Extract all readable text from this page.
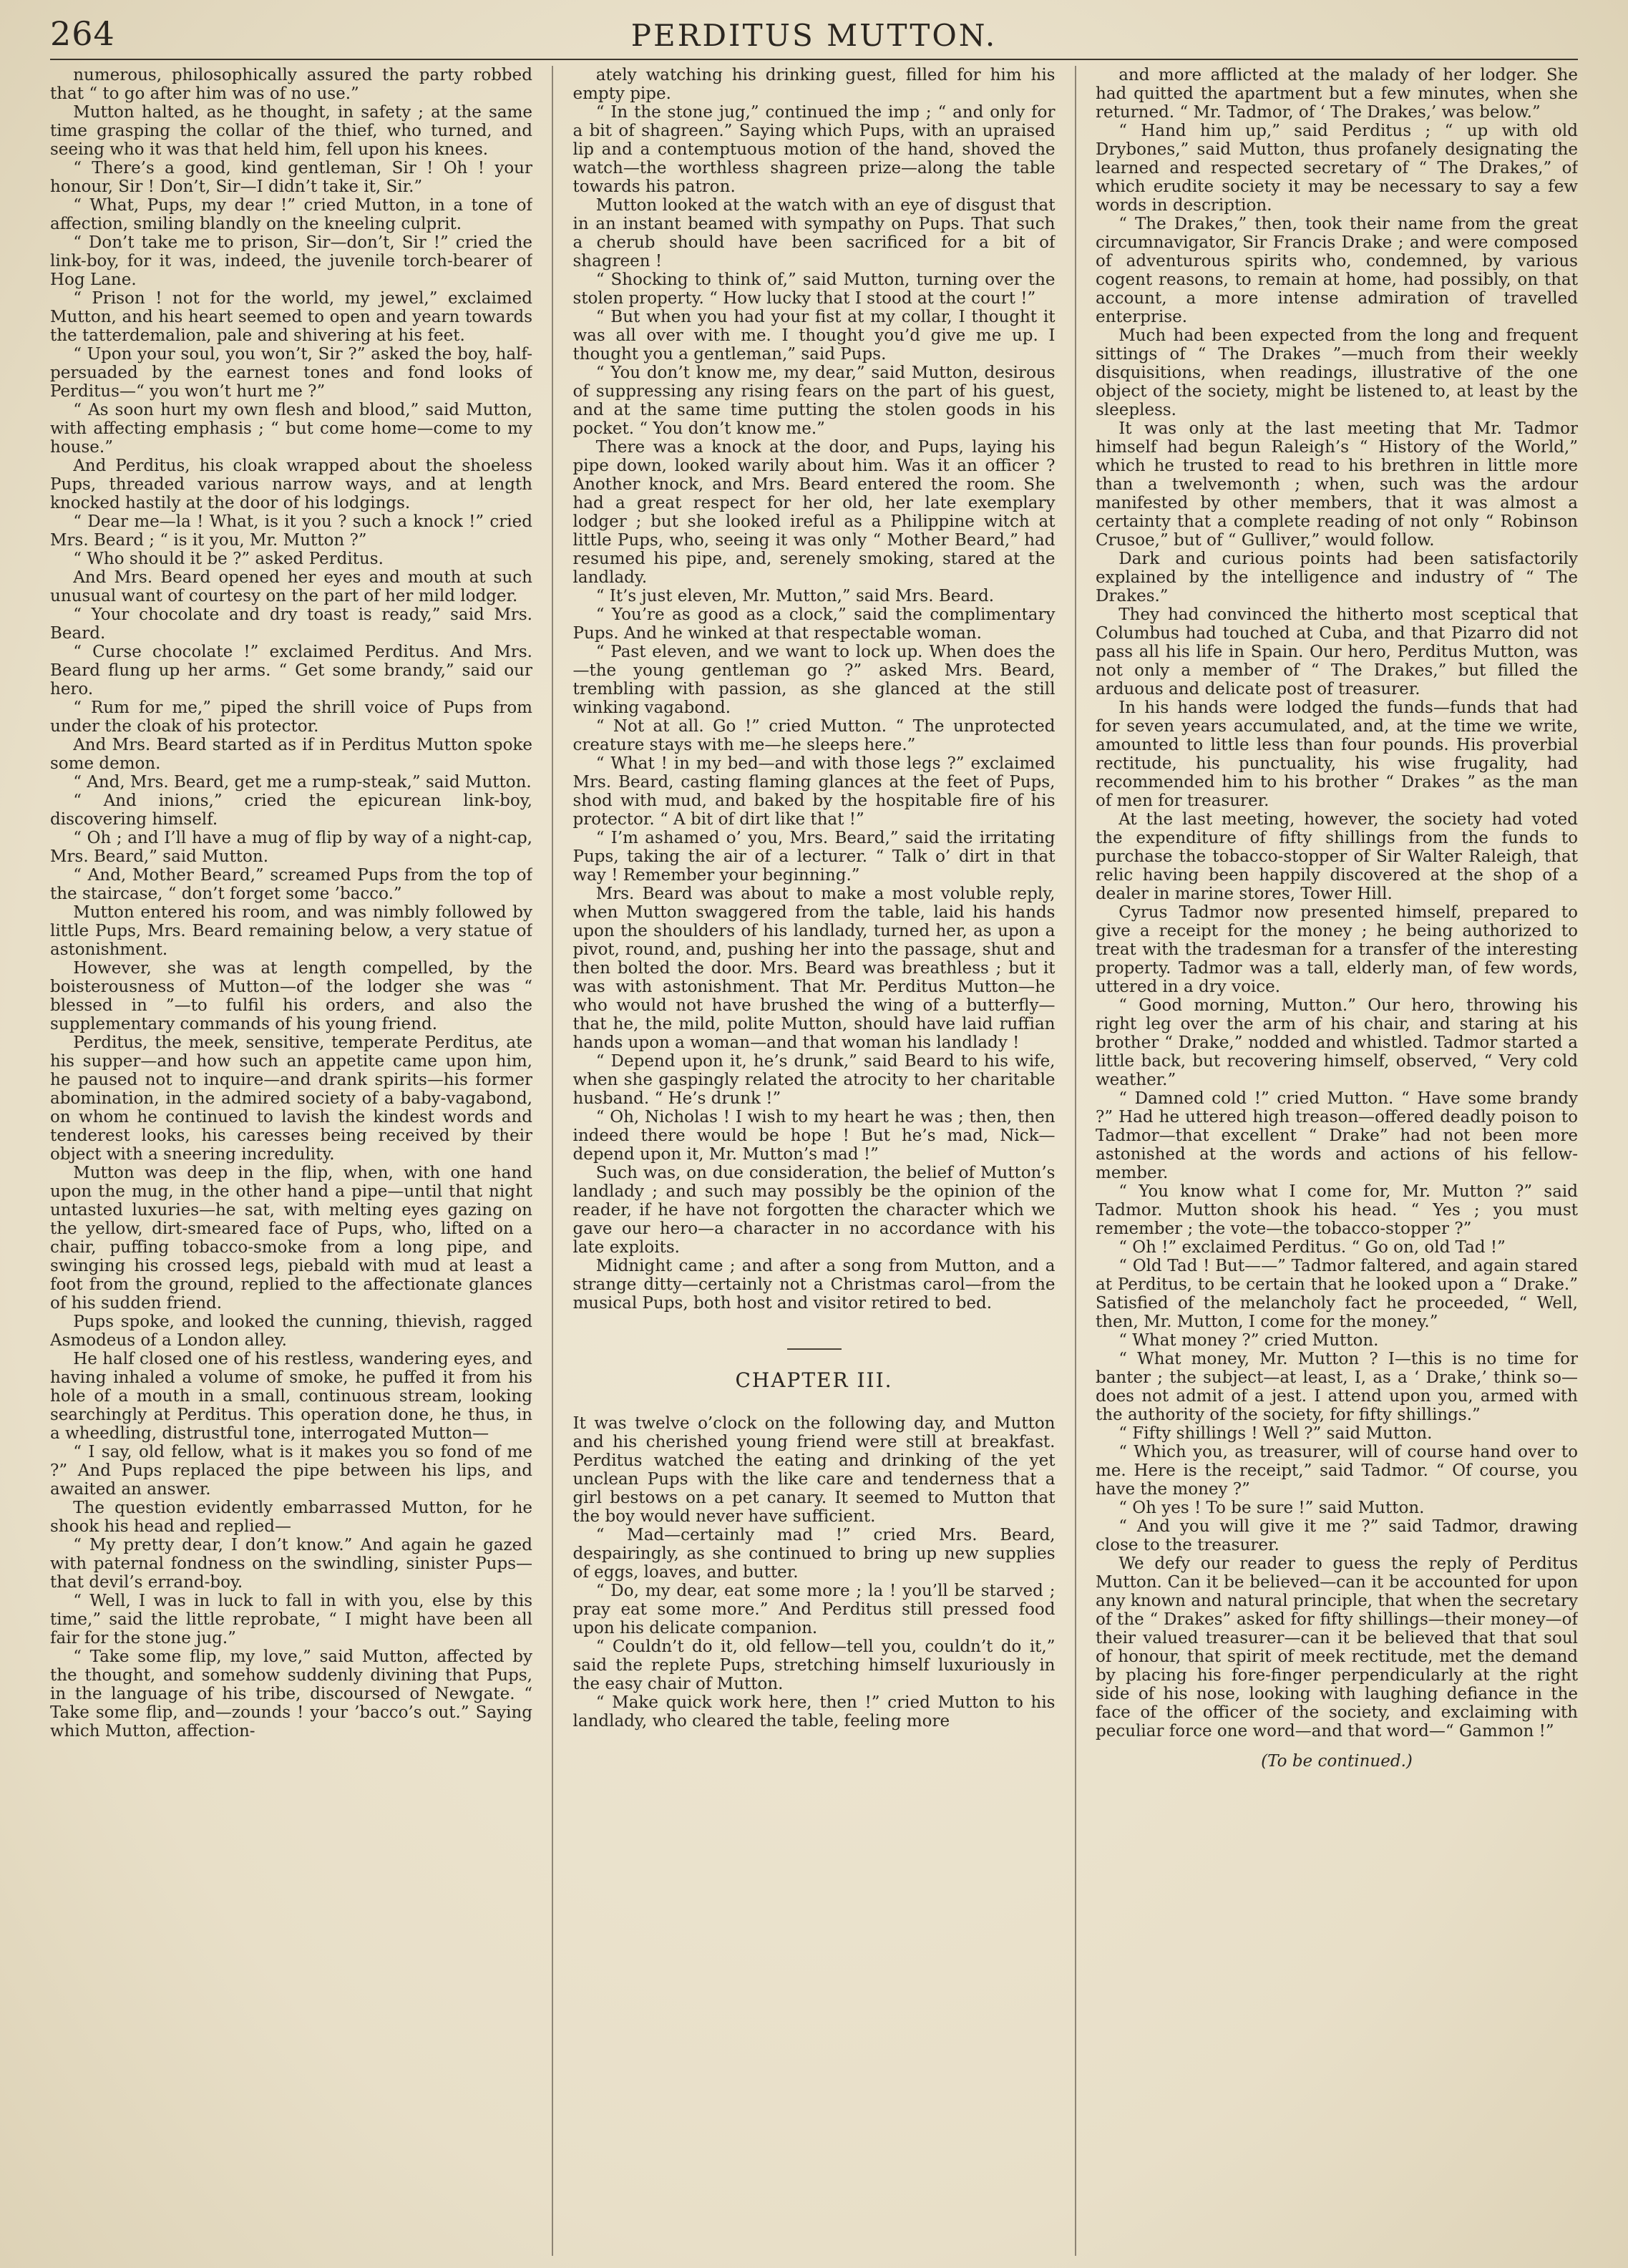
264	PERDITUS MUTTON.

numerous, philosophically assured the party robbed that “ to go after him was of no use.”

Mutton halted, as he thought, in safety ; at the same time grasping the collar of the thief, who turned, and seeing who it was that held him, fell upon his knees.

“ There’s a good, kind gentleman, Sir ! Oh ! your honour, Sir ! Don’t, Sir—I didn’t take it, Sir.”

“ What, Pups, my dear !” cried Mutton, in a tone of affection, smiling blandly on the kneeling culprit.

“ Don’t take me to prison, Sir—don’t, Sir !” cried the link-boy, for it was, indeed, the juvenile torch-bearer of Hog Lane.

“ Prison ! not for the world, my jewel,” exclaimed Mutton, and his heart seemed to open and yearn towards the tatterdemalion, pale and shivering at his feet.

“ Upon your soul, you won’t, Sir ?” asked the boy, half-persuaded by the earnest tones and fond looks of Perditus—“ you won’t hurt me ?”

“ As soon hurt my own flesh and blood,” said Mutton, with affecting emphasis ; “ but come home—come to my house.”

And Perditus, his cloak wrapped about the shoeless Pups, threaded various narrow ways, and at length knocked hastily at the door of his lodgings.

“ Dear me—la ! What, is it you ? such a knock !” cried Mrs. Beard ; “ is it you, Mr. Mutton ?”

“ Who should it be ?” asked Perditus.

And Mrs. Beard opened her eyes and mouth at such unusual want of courtesy on the part of her mild lodger.

“ Your chocolate and dry toast is ready,” said Mrs. Beard.

“ Curse chocolate !” exclaimed Perditus. And Mrs. Beard flung up her arms. “ Get some brandy,” said our hero.

“ Rum for me,” piped the shrill voice of Pups from under the cloak of his protector.

And Mrs. Beard started as if in Perditus Mutton spoke some demon.

“ And, Mrs. Beard, get me a rump-steak,” said Mutton.

“ And inions,” cried the epicurean link-boy, discovering himself.

“ Oh ; and I’ll have a mug of flip by way of a night-cap, Mrs. Beard,” said Mutton.

“ And, Mother Beard,” screamed Pups from the top of the staircase, “ don’t forget some ’bacco.”

Mutton entered his room, and was nimbly followed by little Pups, Mrs. Beard remaining below, a very statue of astonishment.

However, she was at length compelled, by the boisterousness of Mutton—of the lodger she was “ blessed in ”—to fulfil his orders, and also the supplementary commands of his young friend.

Perditus, the meek, sensitive, temperate Perditus, ate his supper—and how such an appetite came upon him, he paused not to inquire—and drank spirits—his former abomination, in the admired society of a baby-vagabond, on whom he continued to lavish the kindest words and tenderest looks, his caresses being received by their object with a sneering incredulity.

Mutton was deep in the flip, when, with one hand upon the mug, in the other hand a pipe—until that night untasted luxuries—he sat, with melting eyes gazing on the yellow, dirt-smeared face of Pups, who, lifted on a chair, puffing tobacco-smoke from a long pipe, and swinging his crossed legs, piebald with mud at least a foot from the ground, replied to the affectionate glances of his sudden friend.

Pups spoke, and looked the cunning, thievish, ragged Asmodeus of a London alley.

He half closed one of his restless, wandering eyes, and having inhaled a volume of smoke, he puffed it from his hole of a mouth in a small, continuous stream, looking searchingly at Perditus. This operation done, he thus, in a wheedling, distrustful tone, interrogated Mutton—

“ I say, old fellow, what is it makes you so fond of me ?” And Pups replaced the pipe between his lips, and awaited an answer.

The question evidently embarrassed Mutton, for he shook his head and replied—

“ My pretty dear, I don’t know.” And again he gazed with paternal fondness on the swindling, sinister Pups—that devil’s errand-boy.

“ Well, I was in luck to fall in with you, else by this time,” said the little reprobate, “ I might have been all fair for the stone jug.”

“ Take some flip, my love,” said Mutton, affected by the thought, and somehow suddenly divining that Pups, in the language of his tribe, discoursed of Newgate. “ Take some flip, and—zounds ! your ’bacco’s out.” Saying which Mutton, affection-

ately watching his drinking guest, filled for him his empty pipe.

“ In the stone jug,” continued the imp ; “ and only for a bit of shagreen.” Saying which Pups, with an upraised lip and a contemptuous motion of the hand, shoved the watch—the worthless shagreen prize—along the table towards his patron.

Mutton looked at the watch with an eye of disgust that in an instant beamed with sympathy on Pups. That such a cherub should have been sacrificed for a bit of shagreen !

“ Shocking to think of,” said Mutton, turning over the stolen property. “ How lucky that I stood at the court !”

“ But when you had your fist at my collar, I thought it was all over with me. I thought you’d give me up. I thought you a gentleman,” said Pups.

“ You don’t know me, my dear,” said Mutton, desirous of suppressing any rising fears on the part of his guest, and at the same time putting the stolen goods in his pocket. “ You don’t know me.”

There was a knock at the door, and Pups, laying his pipe down, looked warily about him. Was it an officer ? Another knock, and Mrs. Beard entered the room. She had a great respect for her old, her late exemplary lodger ; but she looked ireful as a Philippine witch at little Pups, who, seeing it was only “ Mother Beard,” had resumed his pipe, and, serenely smoking, stared at the landlady.

“ It’s just eleven, Mr. Mutton,” said Mrs. Beard.

“ You’re as good as a clock,” said the complimentary Pups. And he winked at that respectable woman.

“ Past eleven, and we want to lock up. When does the—the young gentleman go ?” asked Mrs. Beard, trembling with passion, as she glanced at the still winking vagabond.

“ Not at all. Go !” cried Mutton. “ The unprotected creature stays with me—he sleeps here.”

“ What ! in my bed—and with those legs ?” exclaimed Mrs. Beard, casting flaming glances at the feet of Pups, shod with mud, and baked by the hospitable fire of his protector. “ A bit of dirt like that !”

“ I’m ashamed o’ you, Mrs. Beard,” said the irritating Pups, taking the air of a lecturer. “ Talk o’ dirt in that way ! Remember your beginning.”

Mrs. Beard was about to make a most voluble reply, when Mutton swaggered from the table, laid his hands upon the shoulders of his landlady, turned her, as upon a pivot, round, and, pushing her into the passage, shut and then bolted the door. Mrs. Beard was breathless ; but it was with astonishment. That Mr. Perditus Mutton—he who would not have brushed the wing of a butterfly—that he, the mild, polite Mutton, should have laid ruffian hands upon a woman—and that woman his landlady !

“ Depend upon it, he’s drunk,” said Beard to his wife, when she gaspingly related the atrocity to her charitable husband. “ He’s drunk !”

“ Oh, Nicholas ! I wish to my heart he was ; then, then indeed there would be hope ! But he’s mad, Nick—depend upon it, Mr. Mutton’s mad !”

Such was, on due consideration, the belief of Mutton’s landlady ; and such may possibly be the opinion of the reader, if he have not forgotten the character which we gave our hero—a character in no accordance with his late exploits.

Midnight came ; and after a song from Mutton, and a strange ditty—certainly not a Christmas carol—from the musical Pups, both host and visitor retired to bed.

CHAPTER III.

It was twelve o’clock on the following day, and Mutton and his cherished young friend were still at breakfast. Perditus watched the eating and drinking of the yet unclean Pups with the like care and tenderness that a girl bestows on a pet canary. It seemed to Mutton that the boy would never have sufficient.

“ Mad—certainly mad !” cried Mrs. Beard, despairingly, as she continued to bring up new supplies of eggs, loaves, and butter.

“ Do, my dear, eat some more ; la ! you’ll be starved ; pray eat some more.” And Perditus still pressed food upon his delicate companion.

“ Couldn’t do it, old fellow—tell you, couldn’t do it,” said the replete Pups, stretching himself luxuriously in the easy chair of Mutton.

“ Make quick work here, then !” cried Mutton to his landlady, who cleared the table, feeling more

and more afflicted at the malady of her lodger. She had quitted the apartment but a few minutes, when she returned. “ Mr. Tadmor, of ‘ The Drakes,’ was below.”

“ Hand him up,” said Perditus ; “ up with old Drybones,” said Mutton, thus profanely designating the learned and respected secretary of “ The Drakes,” of which erudite society it may be necessary to say a few words in description.

“ The Drakes,” then, took their name from the great circumnavigator, Sir Francis Drake ; and were composed of adventurous spirits who, condemned, by various cogent reasons, to remain at home, had possibly, on that account, a more intense admiration of travelled enterprise.

Much had been expected from the long and frequent sittings of “ The Drakes ”—much from their weekly disquisitions, when readings, illustrative of the one object of the society, might be listened to, at least by the sleepless.

It was only at the last meeting that Mr. Tadmor himself had begun Raleigh’s “ History of the World,” which he trusted to read to his brethren in little more than a twelvemonth ; when, such was the ardour manifested by other members, that it was almost a certainty that a complete reading of not only “ Robinson Crusoe,” but of “ Gulliver,” would follow.

Dark and curious points had been satisfactorily explained by the intelligence and industry of “ The Drakes.”

They had convinced the hitherto most sceptical that Columbus had touched at Cuba, and that Pizarro did not pass all his life in Spain. Our hero, Perditus Mutton, was not only a member of “ The Drakes,” but filled the arduous and delicate post of treasurer.

In his hands were lodged the funds—funds that had for seven years accumulated, and, at the time we write, amounted to little less than four pounds. His proverbial rectitude, his punctuality, his wise frugality, had recommended him to his brother “ Drakes ” as the man of men for treasurer.

At the last meeting, however, the society had voted the expenditure of fifty shillings from the funds to purchase the tobacco-stopper of Sir Walter Raleigh, that relic having been happily discovered at the shop of a dealer in marine stores, Tower Hill.

Cyrus Tadmor now presented himself, prepared to give a receipt for the money ; he being authorized to treat with the tradesman for a transfer of the interesting property. Tadmor was a tall, elderly man, of few words, uttered in a dry voice.

“ Good morning, Mutton.” Our hero, throwing his right leg over the arm of his chair, and staring at his brother “ Drake,” nodded and whistled. Tadmor started a little back, but recovering himself, observed, “ Very cold weather.”

“ Damned cold !” cried Mutton. “ Have some brandy ?” Had he uttered high treason—offered deadly poison to Tadmor—that excellent “ Drake” had not been more astonished at the words and actions of his fellow-member.

“ You know what I come for, Mr. Mutton ?” said Tadmor. Mutton shook his head. “ Yes ; you must remember ; the vote—the tobacco-stopper ?”

“ Oh !” exclaimed Perditus. “ Go on, old Tad !”

“ Old Tad ! But——” Tadmor faltered, and again stared at Perditus, to be certain that he looked upon a “ Drake.” Satisfied of the melancholy fact he proceeded, “ Well, then, Mr. Mutton, I come for the money.”

“ What money ?” cried Mutton.

“ What money, Mr. Mutton ? I—this is no time for banter ; the subject—at least, I, as a ‘ Drake,’ think so—does not admit of a jest. I attend upon you, armed with the authority of the society, for fifty shillings.”

“ Fifty shillings ! Well ?” said Mutton.

“ Which you, as treasurer, will of course hand over to me. Here is the receipt,” said Tadmor. “ Of course, you have the money ?”

“ Oh yes ! To be sure !” said Mutton.

“ And you will give it me ?” said Tadmor, drawing close to the treasurer.

We defy our reader to guess the reply of Perditus Mutton. Can it be believed—can it be accounted for upon any known and natural principle, that when the secretary of the “ Drakes” asked for fifty shillings—their money—of their valued treasurer—can it be believed that that soul of honour, that spirit of meek rectitude, met the demand by placing his fore-finger perpendicularly at the right side of his nose, looking with laughing defiance in the face of the officer of the society, and exclaiming with peculiar force one word—and that word—“ Gammon !”

(To be continued.)
